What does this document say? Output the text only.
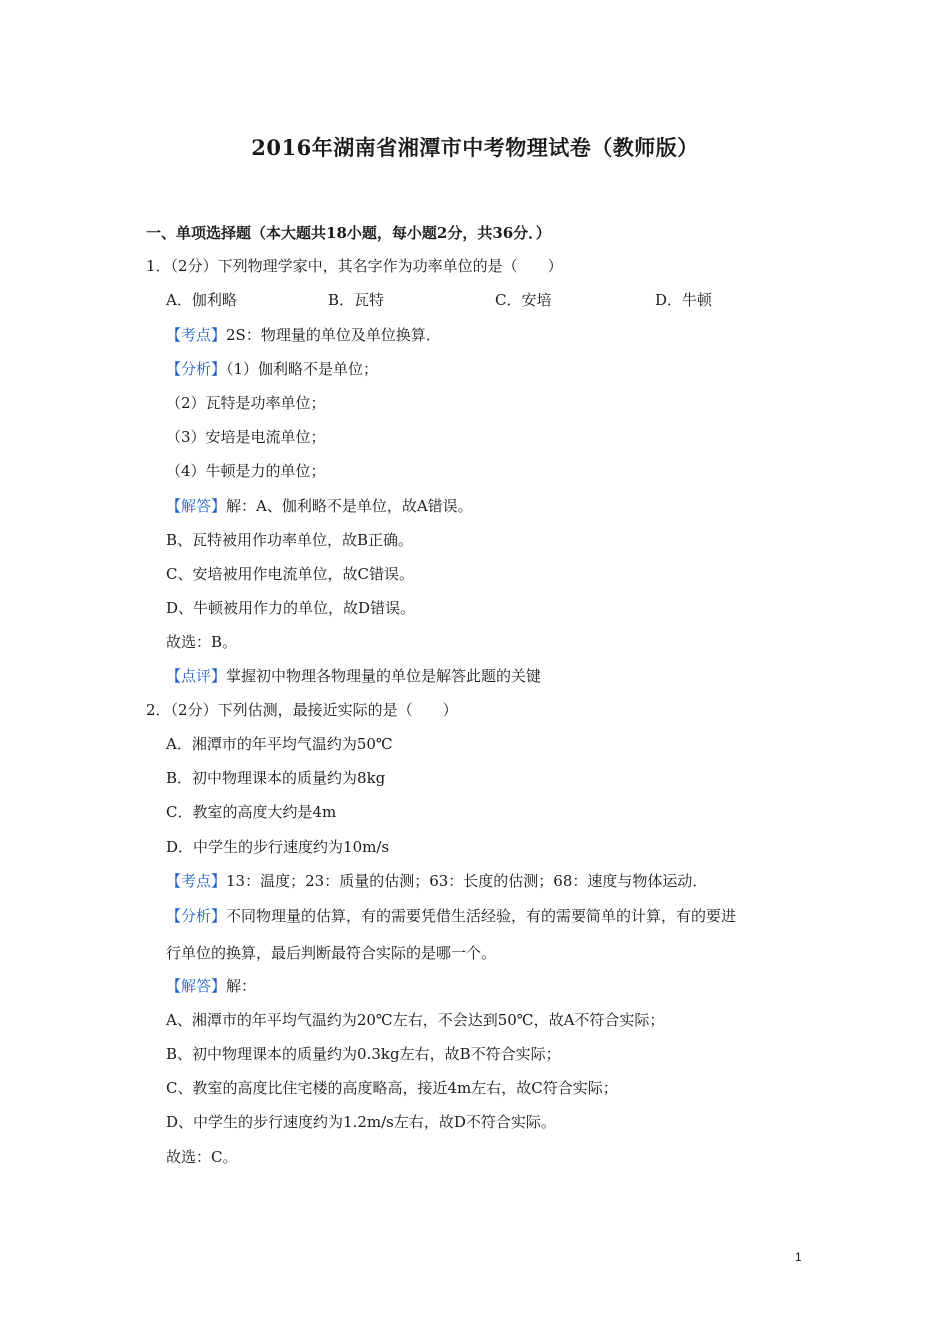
2016年湖南省湘潭市中考物理试卷（教师版）
一、单项选择题（本大题共18小题，每小题2分，共36分．）
1．（2分）下列物理学家中，其名字作为功率单位的是（　　）
A．伽利略	B．瓦特	C．安培	D．牛顿
【考点】2S：物理量的单位及单位换算．
【分析】（1）伽利略不是单位；
（2）瓦特是功率单位；
（3）安培是电流单位；
（4）牛顿是力的单位；
【解答】解：A、伽利略不是单位，故A错误。
B、瓦特被用作功率单位，故B正确。
C、安培被用作电流单位，故C错误。
D、牛顿被用作力的单位，故D错误。
故选：B。
【点评】掌握初中物理各物理量的单位是解答此题的关键
2．（2分）下列估测，最接近实际的是（　　）
A．湘潭市的年平均气温约为50℃
B．初中物理课本的质量约为8kg
C．教室的高度大约是4m
D．中学生的步行速度约为10m/s
【考点】13：温度；23：质量的估测；63：长度的估测；68：速度与物体运动．
【分析】不同物理量的估算，有的需要凭借生活经验，有的需要简单的计算，有的要进
行单位的换算，最后判断最符合实际的是哪一个。
【解答】解：
A、湘潭市的年平均气温约为20℃左右，不会达到50℃，故A不符合实际；
B、初中物理课本的质量约为0.3kg左右，故B不符合实际；
C、教室的高度比住宅楼的高度略高，接近4m左右，故C符合实际；
D、中学生的步行速度约为1.2m/s左右，故D不符合实际。
故选：C。
1
